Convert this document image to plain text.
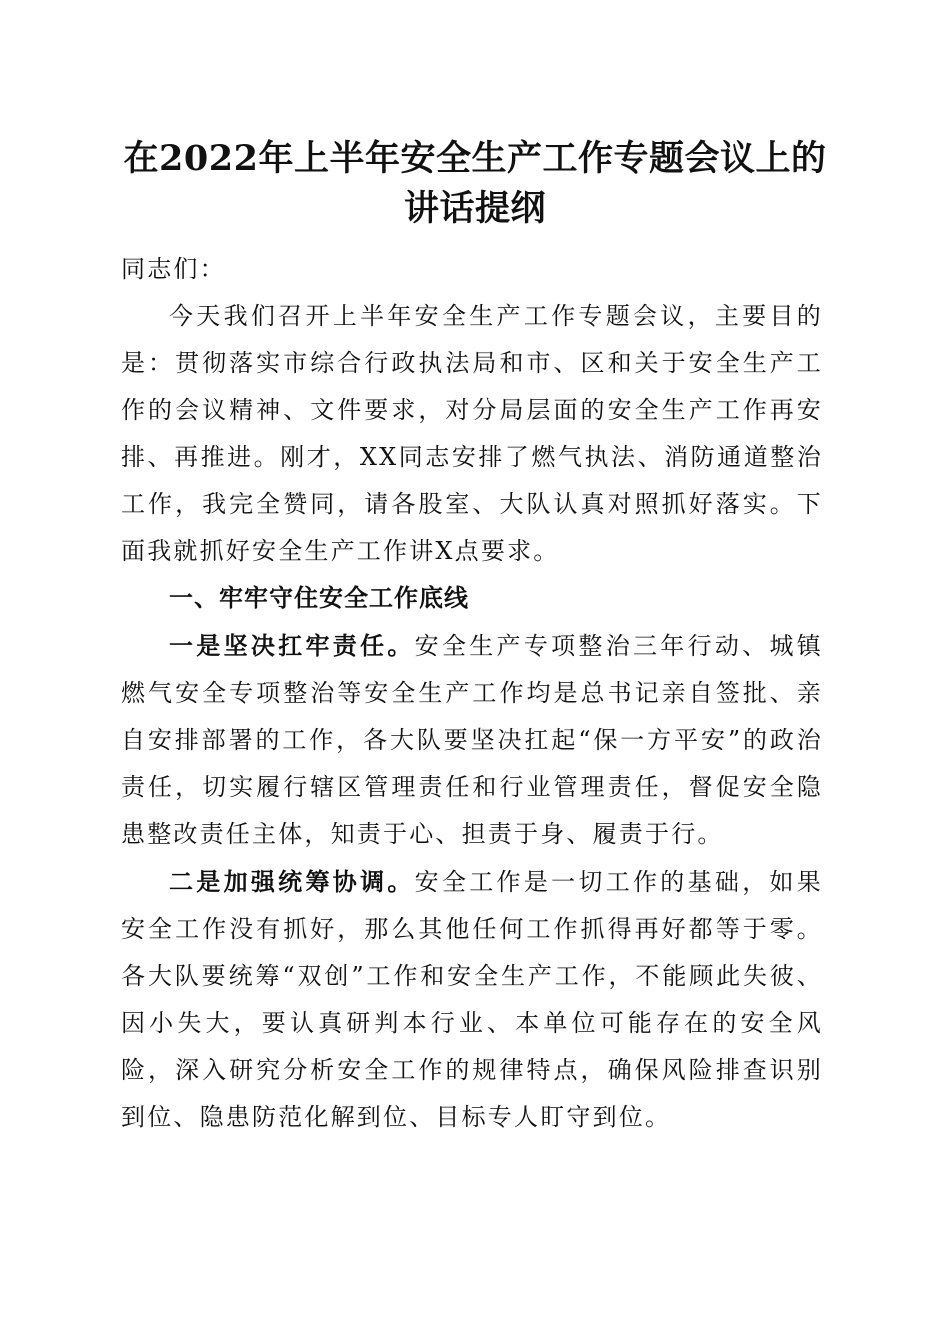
在2022年上半年安全生产工作专题会议上的
讲话提纲

同志们：

今天我们召开上半年安全生产工作专题会议，主要目的是：贯彻落实市综合行政执法局和市、区和关于安全生产工作的会议精神、文件要求，对分局层面的安全生产工作再安排、再推进。刚才，XX同志安排了燃气执法、消防通道整治工作，我完全赞同，请各股室、大队认真对照抓好落实。下面我就抓好安全生产工作讲X点要求。

一、牢牢守住安全工作底线

一是坚决扛牢责任。安全生产专项整治三年行动、城镇燃气安全专项整治等安全生产工作均是总书记亲自签批、亲自安排部署的工作，各大队要坚决扛起“保一方平安”的政治责任，切实履行辖区管理责任和行业管理责任，督促安全隐患整改责任主体，知责于心、担责于身、履责于行。

二是加强统筹协调。安全工作是一切工作的基础，如果安全工作没有抓好，那么其他任何工作抓得再好都等于零。各大队要统筹“双创”工作和安全生产工作，不能顾此失彼、因小失大，要认真研判本行业、本单位可能存在的安全风险，深入研究分析安全工作的规律特点，确保风险排查识别到位、隐患防范化解到位、目标专人盯守到位。
